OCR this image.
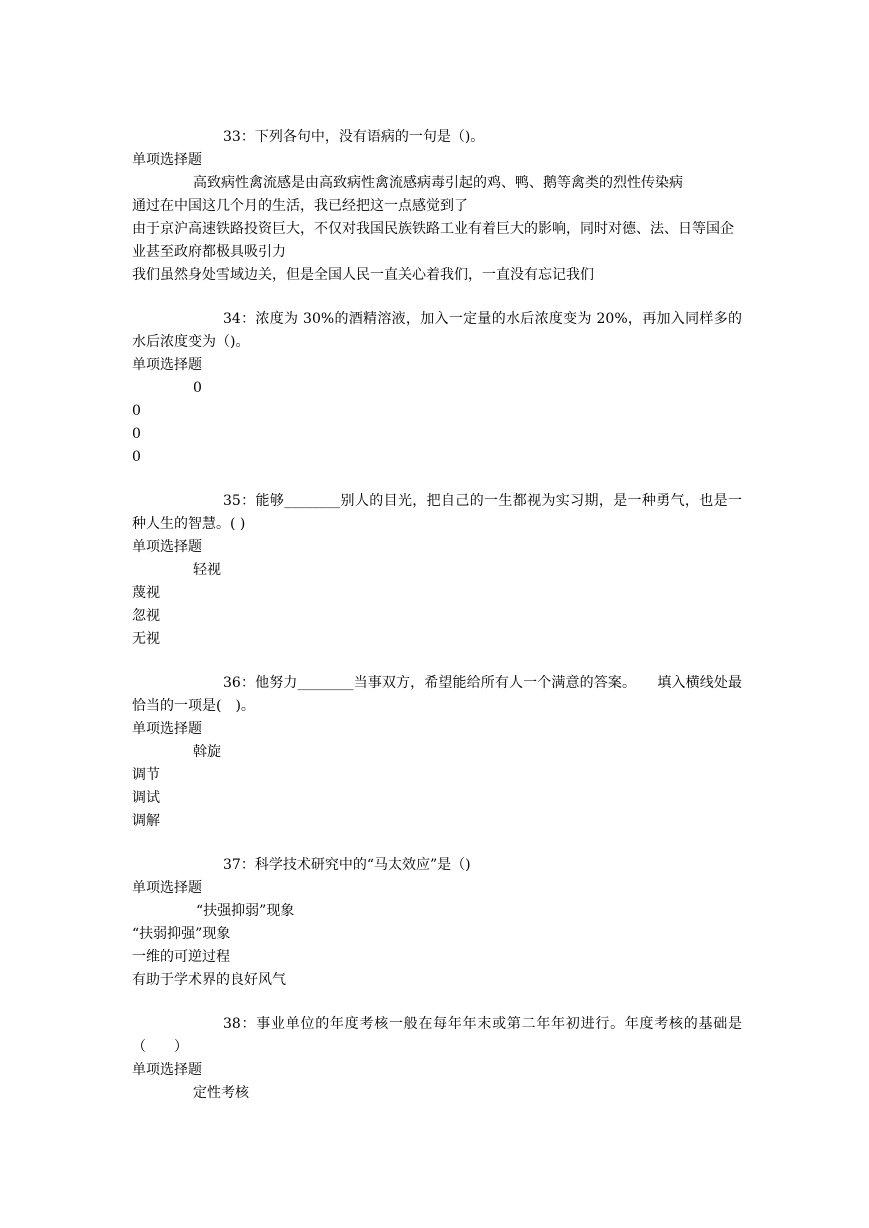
33：下列各句中，没有语病的一句是（)。
单项选择题
高致病性禽流感是由高致病性禽流感病毒引起的鸡、鸭、鹅等禽类的烈性传染病
通过在中国这几个月的生活，我已经把这一点感觉到了
由于京沪高速铁路投资巨大，不仅对我国民族铁路工业有着巨大的影响，同时对德、法、日等国企业甚至政府都极具吸引力
我们虽然身处雪域边关，但是全国人民一直关心着我们，一直没有忘记我们
34：浓度为 30%的酒精溶液，加入一定量的水后浓度变为 20%，再加入同样多的水后浓度变为（)。
单项选择题
0
0
0
0
35：能够________别人的目光，把自己的一生都视为实习期，是一种勇气，也是一种人生的智慧。( )
单项选择题
轻视
蔑视
忽视
无视
36：他努力________当事双方，希望能给所有人一个满意的答案。　　填入横线处最恰当的一项是(　)。
单项选择题
斡旋
调节
调试
调解
37：科学技术研究中的“马太效应”是（)
单项选择题
“扶强抑弱”现象
“扶弱抑强”现象
一维的可逆过程
有助于学术界的良好风气
38：事业单位的年度考核一般在每年年末或第二年年初进行。年度考核的基础是（　　）
单项选择题
定性考核
